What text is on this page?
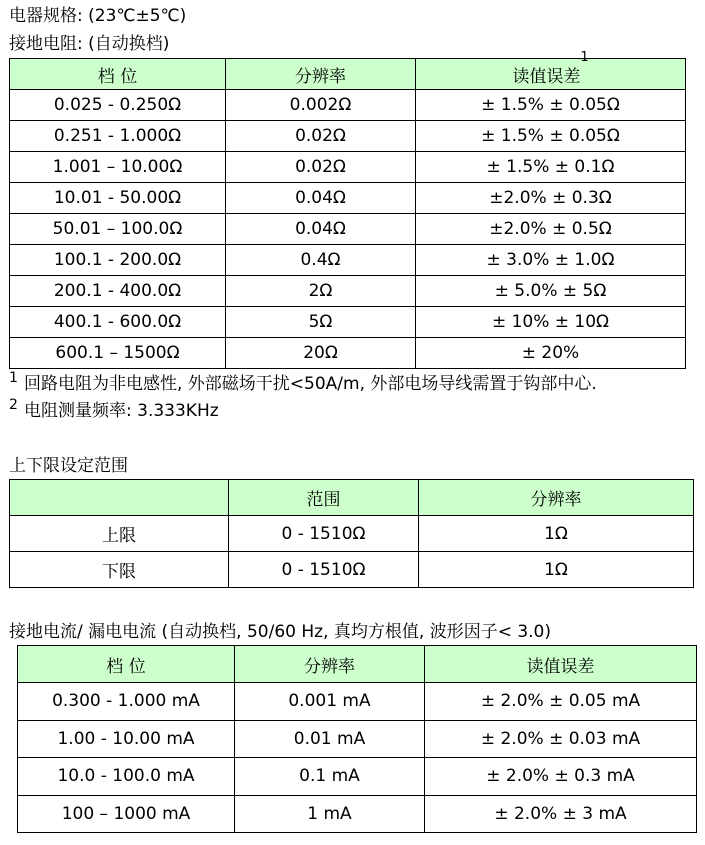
电器规格: (23℃±5℃)
接地电阻: (自动换档)
档 位	分辨率	读值误差$^1$
0.025 - 0.250Ω	0.002Ω	± 1.5% ± 0.05Ω
0.251 - 1.000Ω	0.02Ω	± 1.5% ± 0.05Ω
1.001 – 10.00Ω	0.02Ω	± 1.5% ± 0.1Ω
10.01 - 50.00Ω	0.04Ω	±2.0% ± 0.3Ω
50.01 – 100.0Ω	0.04Ω	±2.0% ± 0.5Ω
100.1 - 200.0Ω	0.4Ω	± 3.0% ± 1.0Ω
200.1 - 400.0Ω	2Ω	± 5.0% ± 5Ω
400.1 - 600.0Ω	5Ω	± 10% ± 10Ω
600.1 – 1500Ω	20Ω	± 20%
1 回路电阻为非电感性, 外部磁场干扰<50A/m, 外部电场导线需置于钩部中心.
2 电阻测量频率: 3.333KHz
上下限设定范围
	范围	分辨率
上限	0 - 1510Ω	1Ω
下限	0 - 1510Ω	1Ω
接地电流/ 漏电电流 (自动换档, 50/60 Hz, 真均方根值, 波形因子< 3.0)
档 位	分辨率	读值误差
0.300 - 1.000 mA	0.001 mA	± 2.0% ± 0.05 mA
1.00 - 10.00 mA	0.01 mA	± 2.0% ± 0.03 mA
10.0 - 100.0 mA	0.1 mA	± 2.0% ± 0.3 mA
100 – 1000 mA	1 mA	± 2.0% ± 3 mA
